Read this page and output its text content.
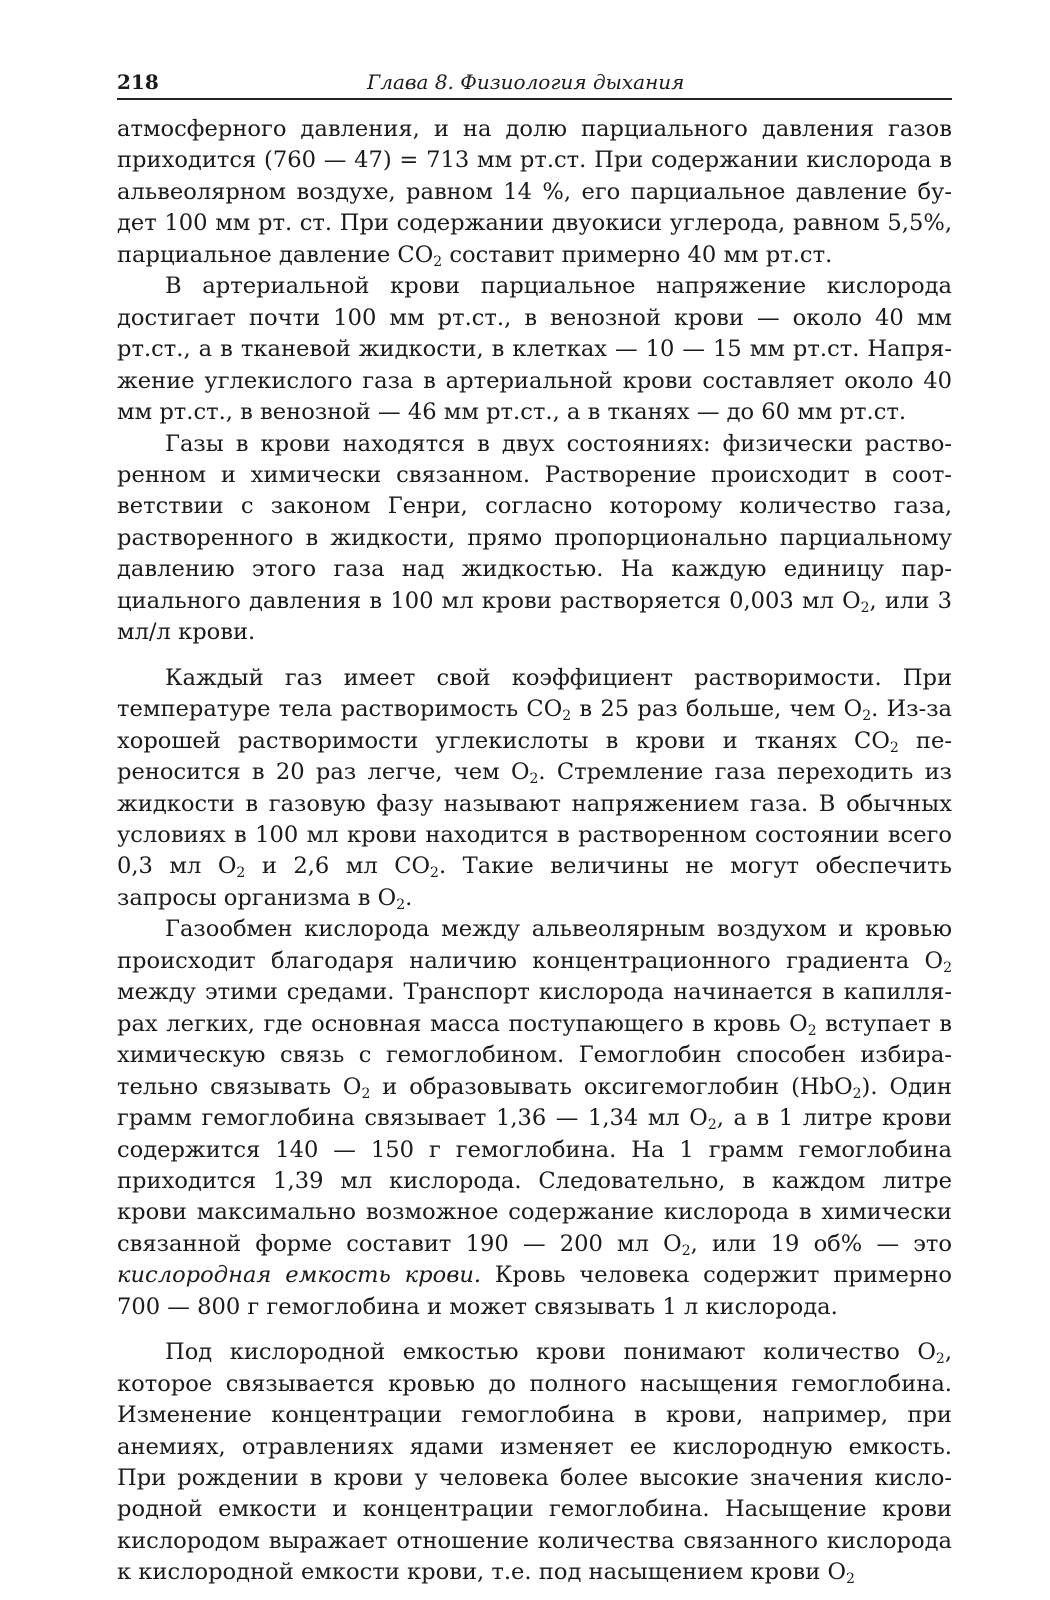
218	Глава 8. Физиология дыхания

атмосферного давления, и на долю парциального давления газов приходится (760 — 47) = 713 мм рт.ст. При содержании кислорода в альвеолярном воздухе, равном 14 %, его парциальное давление будет 100 мм рт. ст. При содержании двуокиси углерода, равном 5,5%, парциальное давление $СО_2$ составит примерно 40 мм рт.ст.

В артериальной крови парциальное напряжение кислорода достигает почти 100 мм рт.ст., в венозной крови — около 40 мм рт.ст., а в тканевой жидкости, в клетках — 10 — 15 мм рт.ст. Напряжение углекислого газа в артериальной крови составляет около 40 мм рт.ст., в венозной — 46 мм рт.ст., а в тканях — до 60 мм рт.ст.

Газы в крови находятся в двух состояниях: физически растворенном и химически связанном. Растворение происходит в соответствии с законом Генри, согласно которому количество газа, растворенного в жидкости, прямо пропорционально парциальному давлению этого газа над жидкостью. На каждую единицу парциального давления в 100 мл крови растворяется 0,003 мл $О_2$, или 3 мл/л крови.

Каждый газ имеет свой коэффициент растворимости. При температуре тела растворимость $СО_2$ в 25 раз больше, чем $О_2$. Из-за хорошей растворимости углекислоты в крови и тканях $СО_2$ переносится в 20 раз легче, чем $О_2$. Стремление газа переходить из жидкости в газовую фазу называют напряжением газа. В обычных условиях в 100 мл крови находится в растворенном состоянии всего 0,3 мл $О_2$ и 2,6 мл $СО_2$. Такие величины не могут обеспечить запросы организма в $О_2$.

Газообмен кислорода между альвеолярным воздухом и кровью происходит благодаря наличию концентрационного градиента $О_2$ между этими средами. Транспорт кислорода начинается в капиллярах легких, где основная масса поступающего в кровь $О_2$ вступает в химическую связь с гемоглобином. Гемоглобин способен избирательно связывать $О_2$ и образовывать оксигемоглобин (НbО$_2$). Один грамм гемоглобина связывает 1,36 — 1,34 мл $О_2$, а в 1 литре крови содержится 140 — 150 г гемоглобина. На 1 грамм гемоглобина приходится 1,39 мл кислорода. Следовательно, в каждом литре крови максимально возможное содержание кислорода в химически связанной форме составит 190 — 200 мл $О_2$, или 19 об% — это кислородная емкость крови. Кровь человека содержит примерно 700 — 800 г гемоглобина и может связывать 1 л кислорода.

Под кислородной емкостью крови понимают количество $О_2$, которое связывается кровью до полного насыщения гемоглобина. Изменение концентрации гемоглобина в крови, например, при анемиях, отравлениях ядами изменяет ее кислородную емкость. При рождении в крови у человека более высокие значения кислородной емкости и концентрации гемоглобина. Насыщение крови кислородом выражает отношение количества связанного кислорода к кислородной емкости крови, т.е. под насыщением крови $О_2$
